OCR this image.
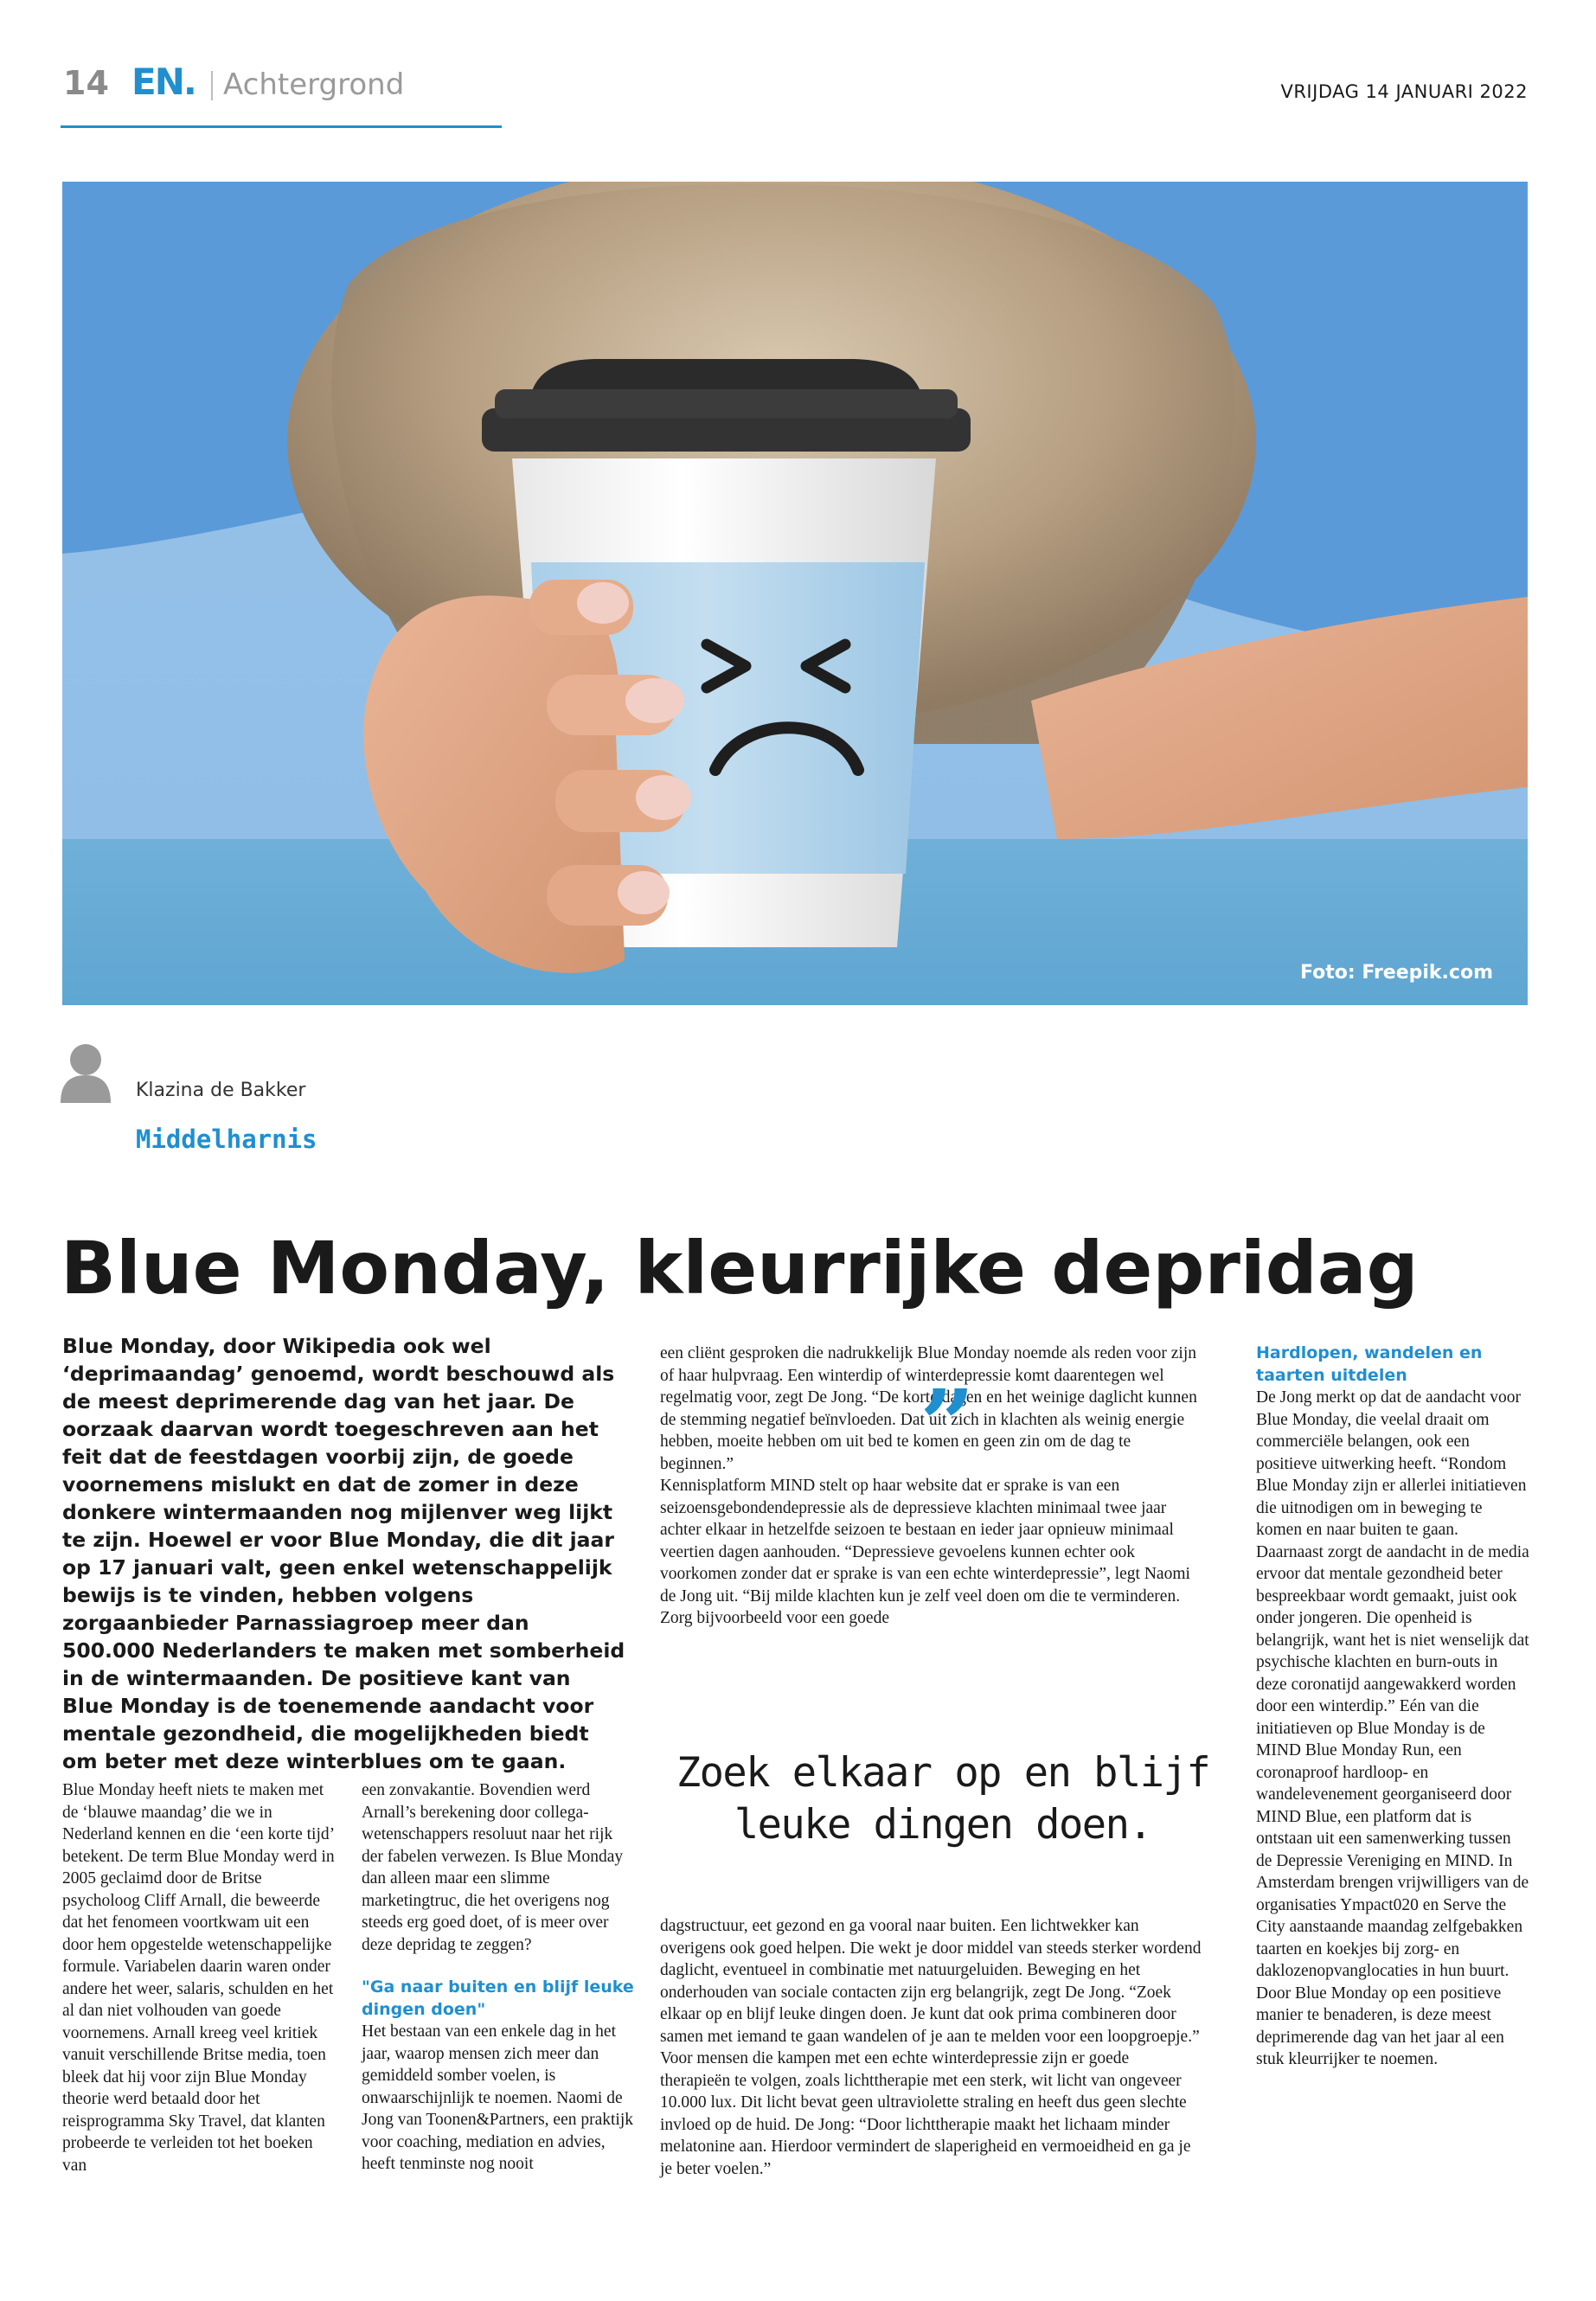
14 EN. Achtergrond	VRIJDAG 14 JANUARI 2022
Foto: Freepik.com
Klazina de Bakker
Middelharnis
Blue Monday, kleurrijke depridag
Blue Monday, door Wikipedia ook wel ‘deprimaandag’ genoemd, wordt beschouwd als de meest deprimerende dag van het jaar. De oorzaak daarvan wordt toegeschreven aan het feit dat de feestdagen voorbij zijn, de goede voornemens mislukt en dat de zomer in deze donkere wintermaanden nog mijlenver weg lijkt te zijn. Hoewel er voor Blue Monday, die dit jaar op 17 januari valt, geen enkel wetenschappelijk bewijs is te vinden, hebben volgens zorgaanbieder Parnassiagroep meer dan 500.000 Nederlanders te maken met somberheid in de wintermaanden. De positieve kant van Blue Monday is de toenemende aandacht voor mentale gezondheid, die mogelijkheden biedt om beter met deze winterblues om te gaan.

Blue Monday heeft niets te maken met de ‘blauwe maandag’ die we in Nederland kennen en die ‘een korte tijd’ betekent. De term Blue Monday werd in 2005 geclaimd door de Britse psycholoog Cliff Arnall, die beweerde dat het fenomeen voortkwam uit een door hem opgestelde wetenschappelijke formule. Variabelen daarin waren onder andere het weer, salaris, schulden en het al dan niet volhouden van goede voornemens. Arnall kreeg veel kritiek vanuit verschillende Britse media, toen bleek dat hij voor zijn Blue Monday theorie werd betaald door het reisprogramma Sky Travel, dat klanten probeerde te verleiden tot het boeken van

een zonvakantie. Bovendien werd Arnall’s berekening door collega-wetenschappers resoluut naar het rijk der fabelen verwezen. Is Blue Monday dan alleen maar een slimme marketingtruc, die het overigens nog steeds erg goed doet, of is meer over deze depridag te zeggen?

"Ga naar buiten en blijf leuke dingen doen"

Het bestaan van een enkele dag in het jaar, waarop mensen zich meer dan gemiddeld somber voelen, is onwaarschijnlijk te noemen. Naomi de Jong van Toonen&Partners, een praktijk voor coaching, mediation en advies, heeft tenminste nog nooit

een cliënt gesproken die nadrukkelijk Blue Monday noemde als reden voor zijn of haar hulpvraag. Een winterdip of winterdepressie komt daarentegen wel regelmatig voor, zegt De Jong. “De korte dagen en het weinige daglicht kunnen de stemming negatief beïnvloeden. Dat uit zich in klachten als weinig energie hebben, moeite hebben om uit bed te komen en geen zin om de dag te beginnen.”

Kennisplatform MIND stelt op haar website dat er sprake is van een seizoensgebondendepressie als de depressieve klachten minimaal twee jaar achter elkaar in hetzelfde seizoen te bestaan en ieder jaar opnieuw minimaal veertien dagen aanhouden. “Depressieve gevoelens kunnen echter ook voorkomen zonder dat er sprake is van een echte winterdepressie”, legt Naomi de Jong uit. “Bij milde klachten kun je zelf veel doen om die te verminderen. Zorg bijvoorbeeld voor een goede

”
Zoek elkaar op en blijf leuke dingen doen.

dagstructuur, eet gezond en ga vooral naar buiten. Een lichtwekker kan overigens ook goed helpen. Die wekt je door middel van steeds sterker wordend daglicht, eventueel in combinatie met natuurgeluiden. Beweging en het onderhouden van sociale contacten zijn erg belangrijk, zegt De Jong. “Zoek elkaar op en blijf leuke dingen doen. Je kunt dat ook prima combineren door samen met iemand te gaan wandelen of je aan te melden voor een loopgroepje.” Voor mensen die kampen met een echte winterdepressie zijn er goede therapieën te volgen, zoals lichttherapie met een sterk, wit licht van ongeveer 10.000 lux. Dit licht bevat geen ultraviolette straling en heeft dus geen slechte invloed op de huid. De Jong: “Door lichttherapie maakt het lichaam minder melatonine aan. Hierdoor vermindert de slaperigheid en vermoeidheid en ga je je beter voelen.”

Hardlopen, wandelen en taarten uitdelen

De Jong merkt op dat de aandacht voor Blue Monday, die veelal draait om commerciële belangen, ook een positieve uitwerking heeft. “Rondom Blue Monday zijn er allerlei initiatieven die uitnodigen om in beweging te komen en naar buiten te gaan. Daarnaast zorgt de aandacht in de media ervoor dat mentale gezondheid beter bespreekbaar wordt gemaakt, juist ook onder jongeren. Die openheid is belangrijk, want het is niet wenselijk dat psychische klachten en burn-outs in deze coronatijd aangewakkerd worden door een winterdip.” Eén van die initiatieven op Blue Monday is de MIND Blue Monday Run, een coronaproof hardloop- en wandelevenement georganiseerd door MIND Blue, een platform dat is ontstaan uit een samenwerking tussen de Depressie Vereniging en MIND. In Amsterdam brengen vrijwilligers van de organisaties Ympact020 en Serve the City aanstaande maandag zelfgebakken taarten en koekjes bij zorg- en daklozenopvanglocaties in hun buurt. Door Blue Monday op een positieve manier te benaderen, is deze meest deprimerende dag van het jaar al een stuk kleurrijker te noemen.
